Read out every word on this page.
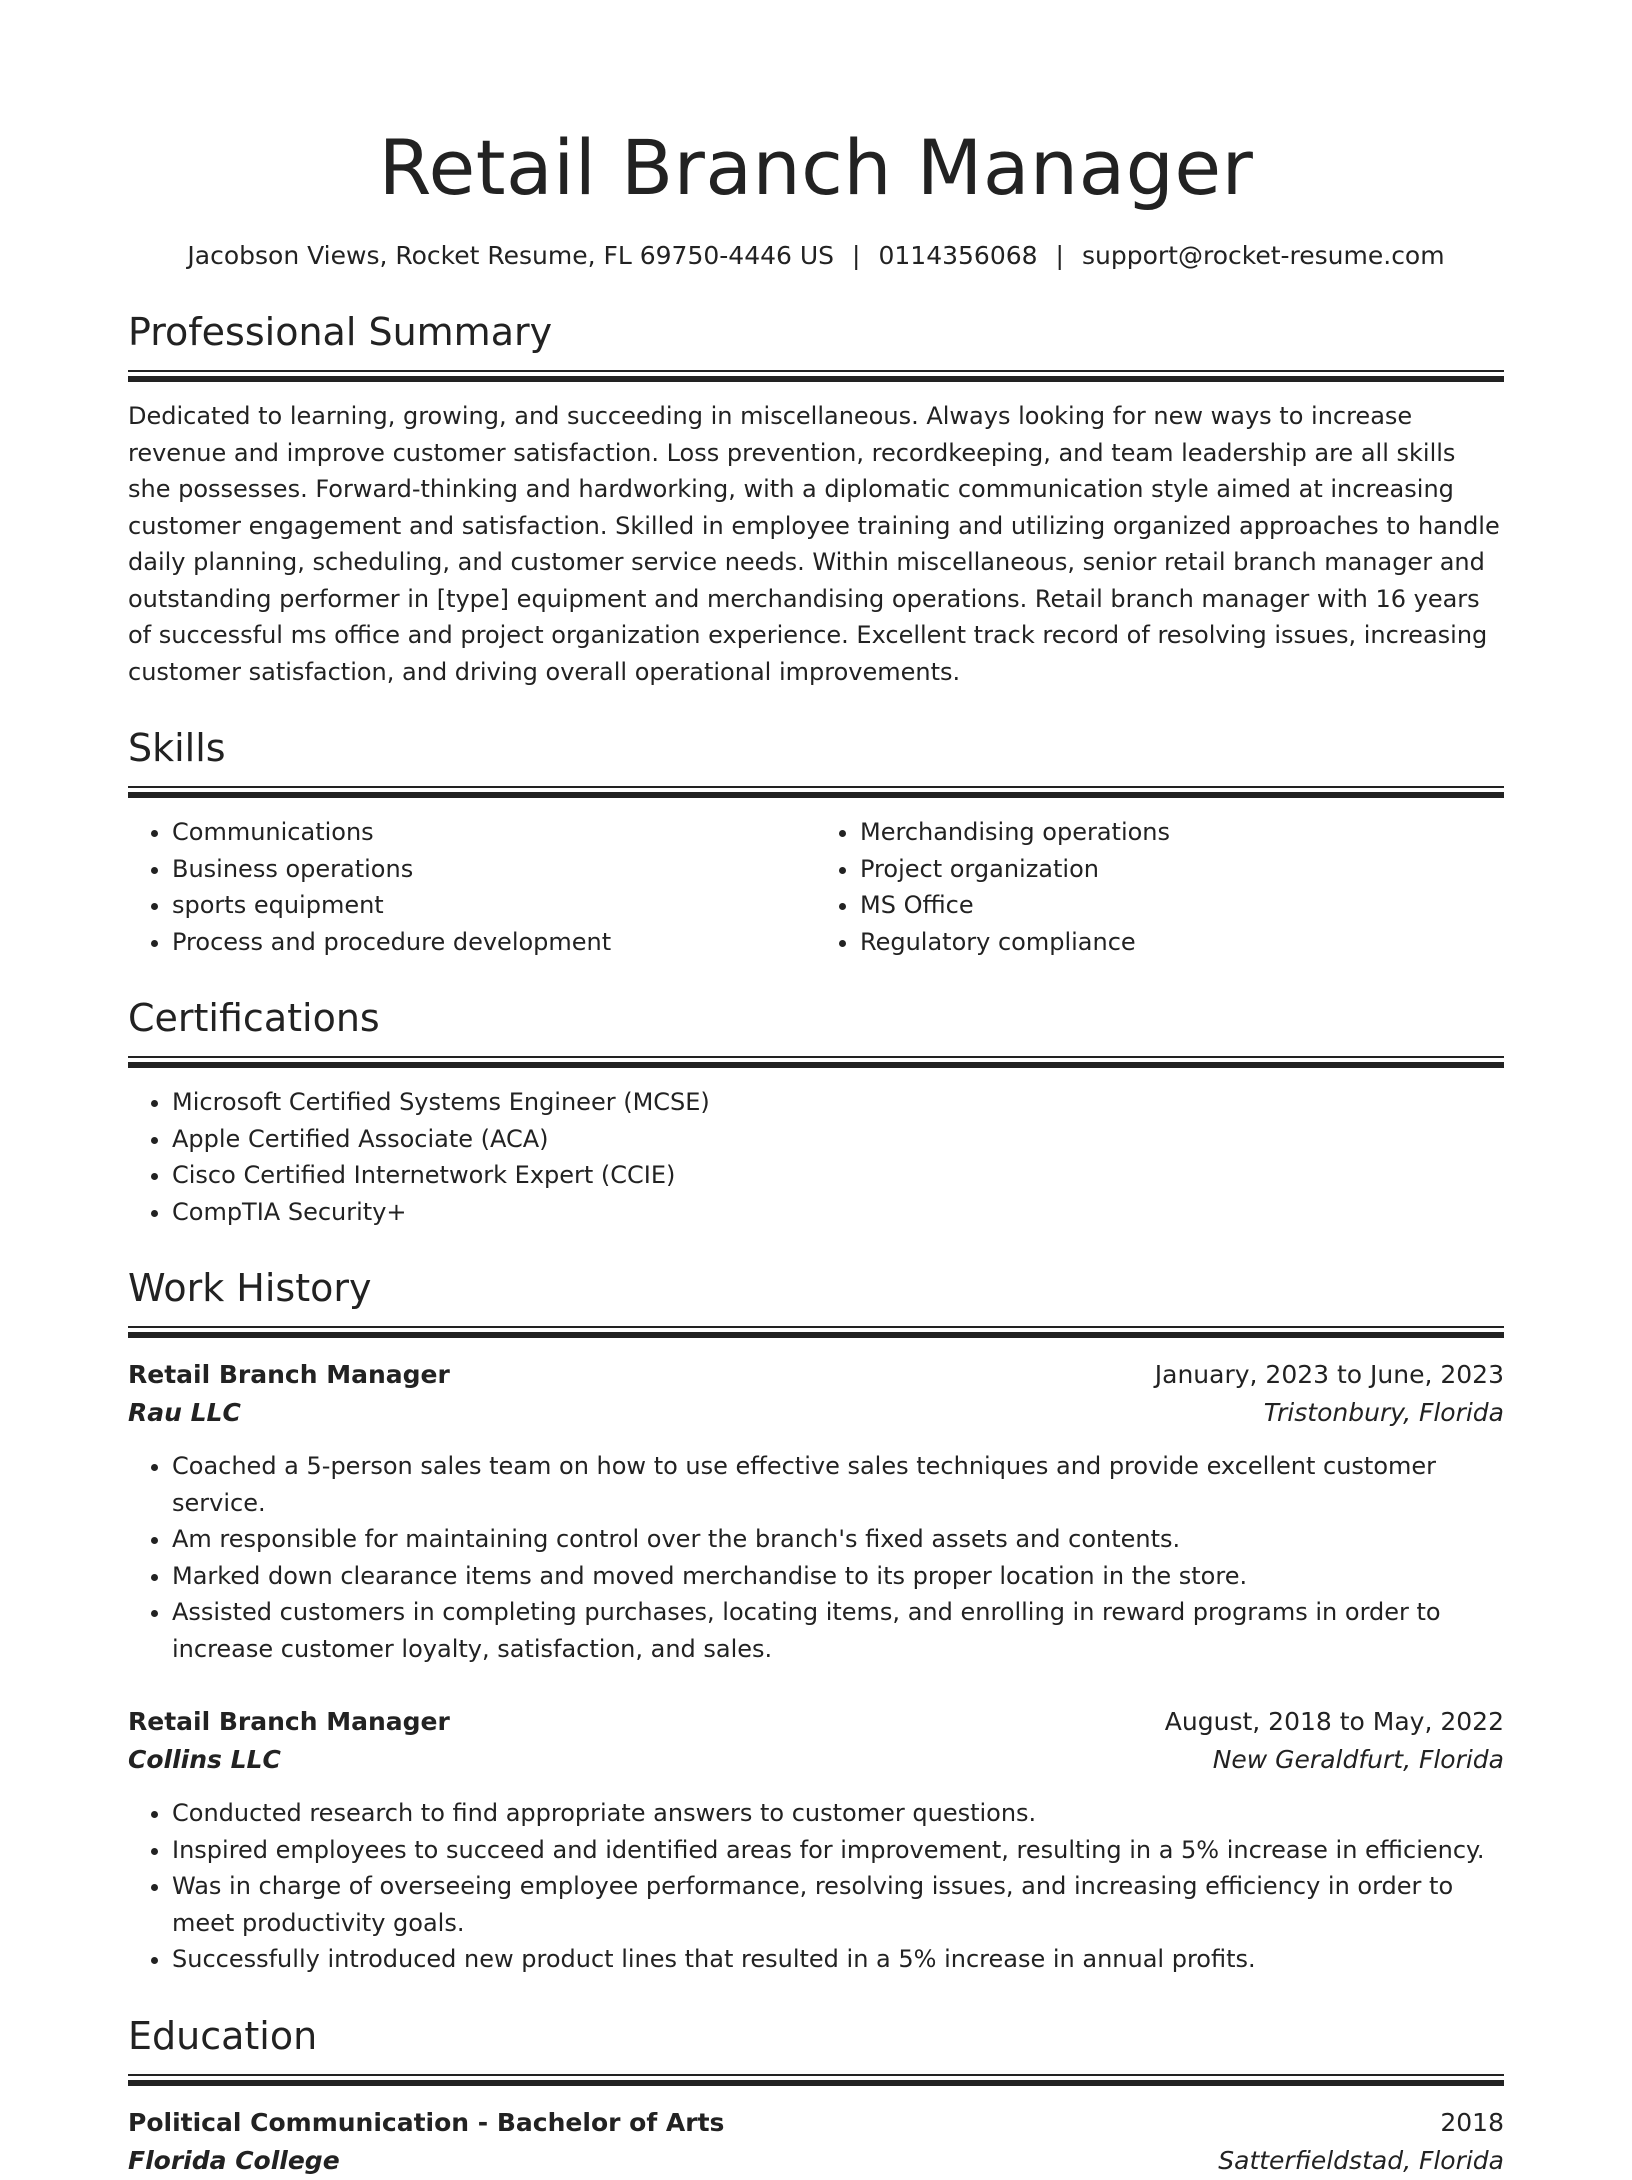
Retail Branch Manager
Jacobson Views, Rocket Resume, FL 69750-4446 US | 0114356068 | support@rocket-resume.com
Professional Summary
Dedicated to learning, growing, and succeeding in miscellaneous. Always looking for new ways to increase revenue and improve customer satisfaction. Loss prevention, recordkeeping, and team leadership are all skills she possesses. Forward-thinking and hardworking, with a diplomatic communication style aimed at increasing customer engagement and satisfaction. Skilled in employee training and utilizing organized approaches to handle daily planning, scheduling, and customer service needs. Within miscellaneous, senior retail branch manager and outstanding performer in [type] equipment and merchandising operations. Retail branch manager with 16 years of successful ms office and project organization experience. Excellent track record of resolving issues, increasing customer satisfaction, and driving overall operational improvements.
Skills
• Communications
• Business operations
• sports equipment
• Process and procedure development
• Merchandising operations
• Project organization
• MS Office
• Regulatory compliance
Certifications
• Microsoft Certified Systems Engineer (MCSE)
• Apple Certified Associate (ACA)
• Cisco Certified Internetwork Expert (CCIE)
• CompTIA Security+
Work History
Retail Branch Manager	January, 2023 to June, 2023
Rau LLC	Tristonbury, Florida
• Coached a 5-person sales team on how to use effective sales techniques and provide excellent customer service.
• Am responsible for maintaining control over the branch's fixed assets and contents.
• Marked down clearance items and moved merchandise to its proper location in the store.
• Assisted customers in completing purchases, locating items, and enrolling in reward programs in order to increase customer loyalty, satisfaction, and sales.
Retail Branch Manager	August, 2018 to May, 2022
Collins LLC	New Geraldfurt, Florida
• Conducted research to find appropriate answers to customer questions.
• Inspired employees to succeed and identified areas for improvement, resulting in a 5% increase in efficiency.
• Was in charge of overseeing employee performance, resolving issues, and increasing efficiency in order to meet productivity goals.
• Successfully introduced new product lines that resulted in a 5% increase in annual profits.
Education
Political Communication - Bachelor of Arts	2018
Florida College	Satterfieldstad, Florida
